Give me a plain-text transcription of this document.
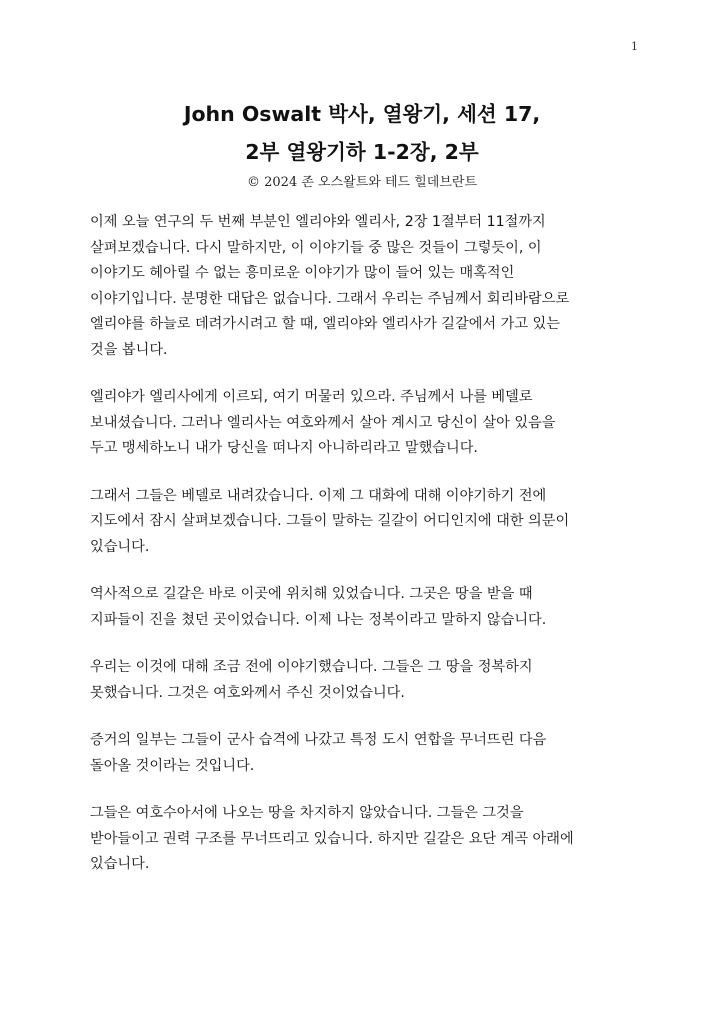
1
John Oswalt 박사, 열왕기, 세션 17,
2부 열왕기하 1-2장, 2부
© 2024 존 오스왈트와 테드 힐데브란트
이제 오늘 연구의 두 번째 부분인 엘리야와 엘리사, 2장 1절부터 11절까지
살펴보겠습니다. 다시 말하지만, 이 이야기들 중 많은 것들이 그렇듯이, 이
이야기도 헤아릴 수 없는 흥미로운 이야기가 많이 들어 있는 매혹적인
이야기입니다. 분명한 대답은 없습니다. 그래서 우리는 주님께서 회리바람으로
엘리야를 하늘로 데려가시려고 할 때, 엘리야와 엘리사가 길갈에서 가고 있는
것을 봅니다.
엘리야가 엘리사에게 이르되, 여기 머물러 있으라. 주님께서 나를 베델로
보내셨습니다. 그러나 엘리사는 여호와께서 살아 계시고 당신이 살아 있음을
두고 맹세하노니 내가 당신을 떠나지 아니하리라고 말했습니다.
그래서 그들은 베델로 내려갔습니다. 이제 그 대화에 대해 이야기하기 전에
지도에서 잠시 살펴보겠습니다. 그들이 말하는 길갈이 어디인지에 대한 의문이
있습니다.
역사적으로 길갈은 바로 이곳에 위치해 있었습니다. 그곳은 땅을 받을 때
지파들이 진을 쳤던 곳이었습니다. 이제 나는 정복이라고 말하지 않습니다.
우리는 이것에 대해 조금 전에 이야기했습니다. 그들은 그 땅을 정복하지
못했습니다. 그것은 여호와께서 주신 것이었습니다.
증거의 일부는 그들이 군사 습격에 나갔고 특정 도시 연합을 무너뜨린 다음
돌아올 것이라는 것입니다.
그들은 여호수아서에 나오는 땅을 차지하지 않았습니다. 그들은 그것을
받아들이고 권력 구조를 무너뜨리고 있습니다. 하지만 길갈은 요단 계곡 아래에
있습니다.
